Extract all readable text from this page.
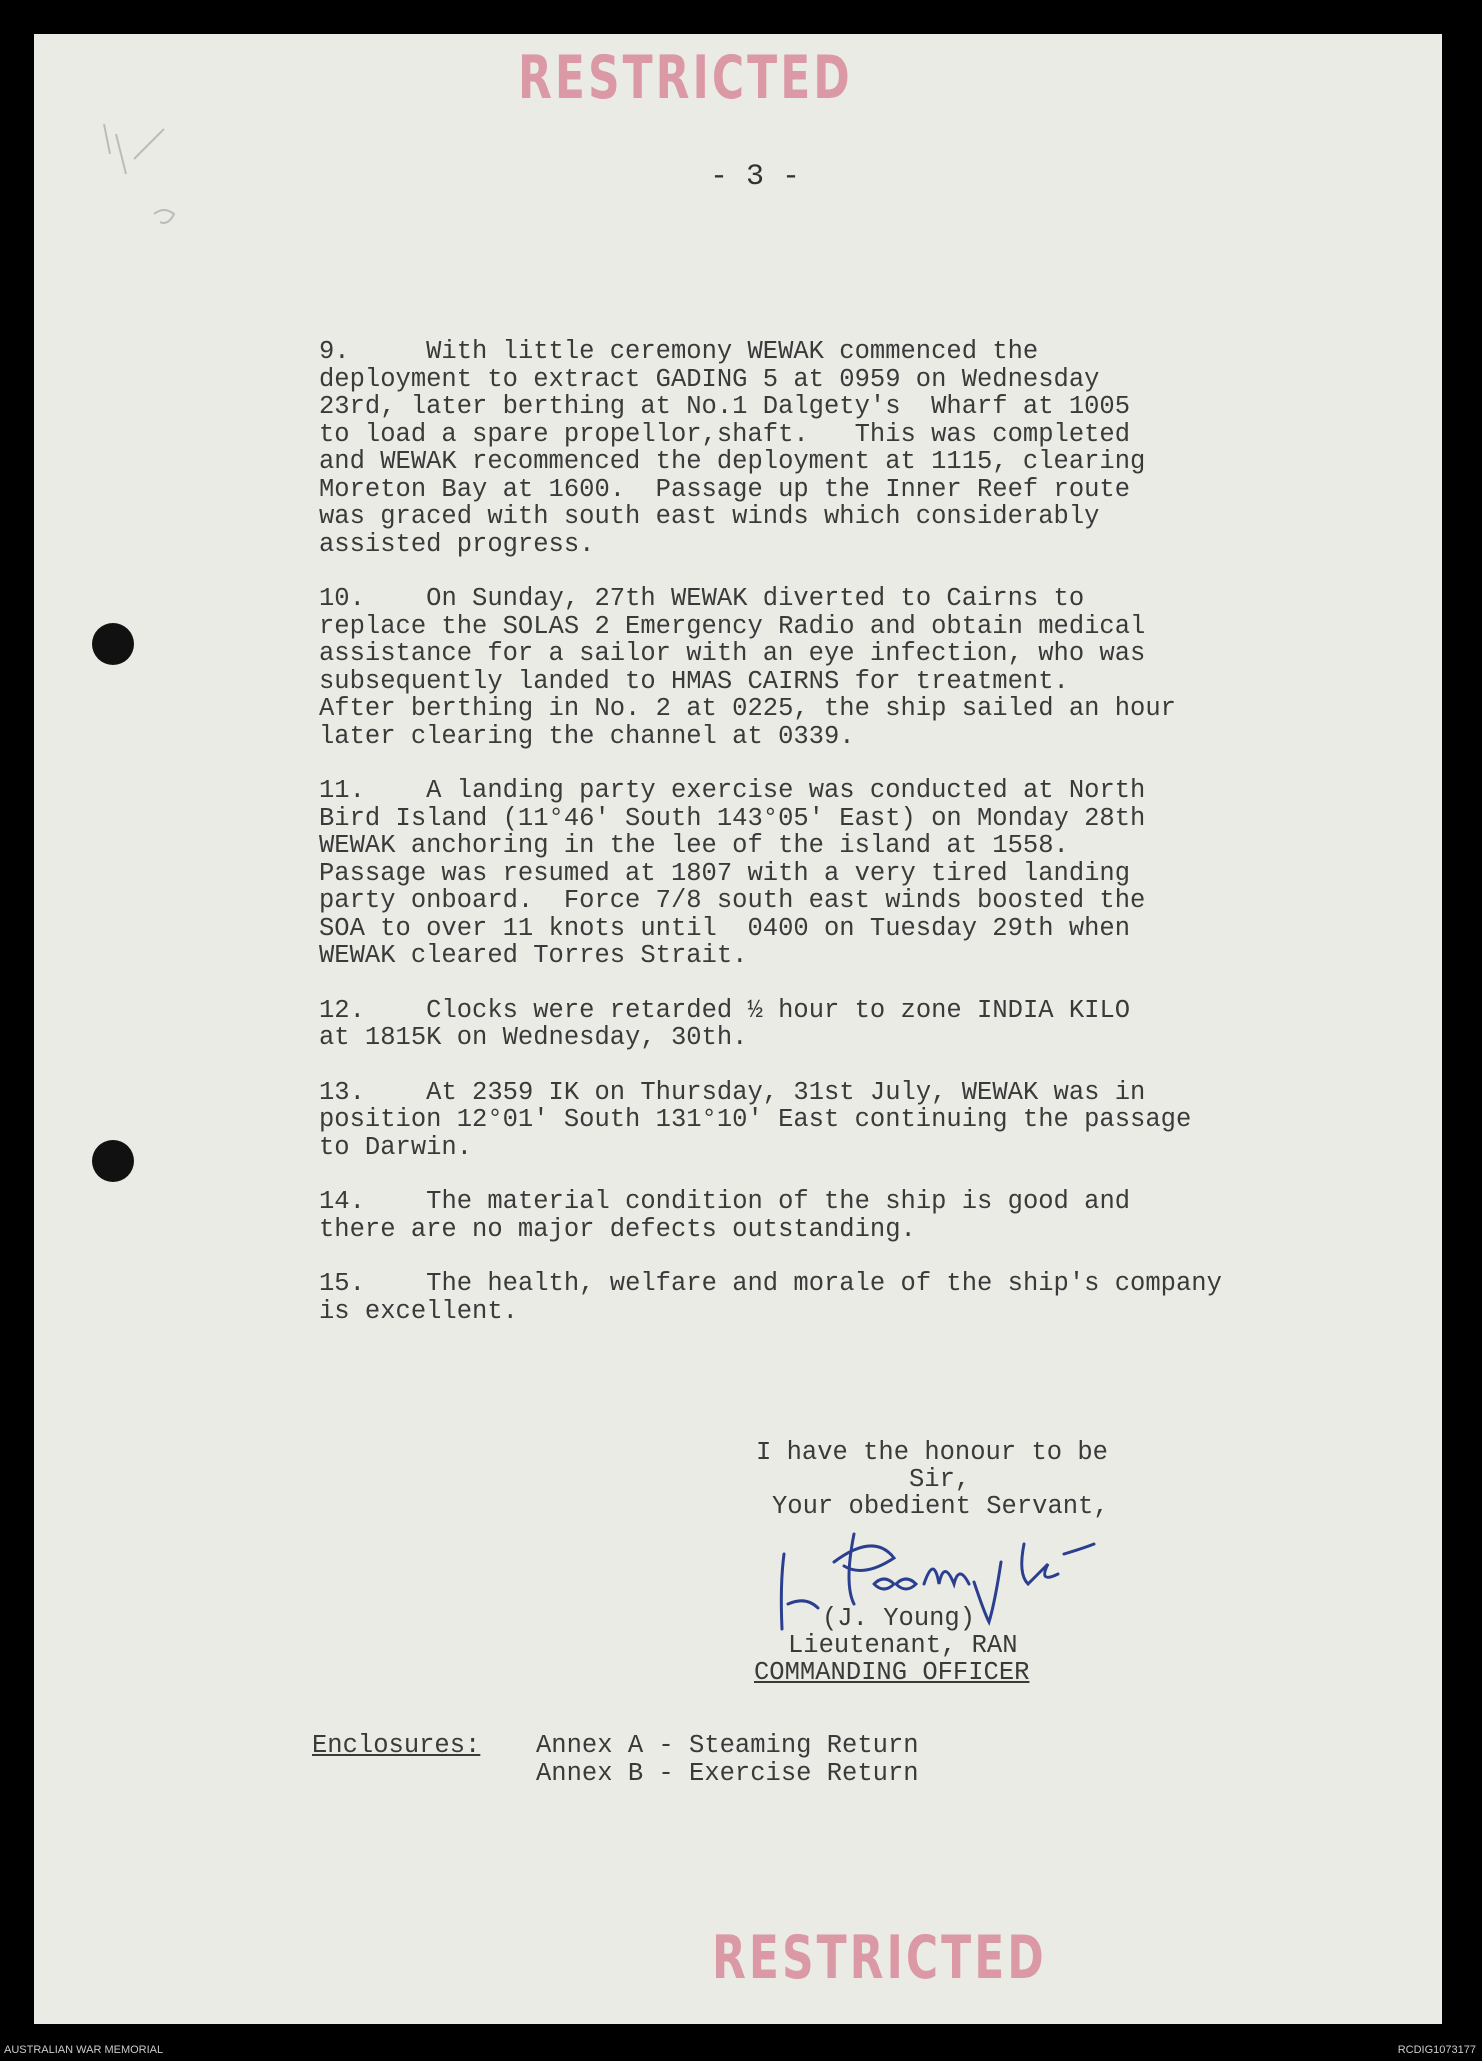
RESTRICTED
- 3 -
9.	With little ceremony WEWAK commenced the
deployment to extract GADING 5 at 0959 on Wednesday
23rd, later berthing at No.1 Dalgety's  Wharf at 1005
to load a spare propellor,shaft.   This was completed
and WEWAK recommenced the deployment at 1115, clearing
Moreton Bay at 1600.  Passage up the Inner Reef route
was graced with south east winds which considerably
assisted progress.
10. On Sunday, 27th WEWAK diverted to Cairns to
replace the SOLAS 2 Emergency Radio and obtain medical
assistance for a sailor with an eye infection, who was
subsequently landed to HMAS CAIRNS for treatment.
After berthing in No. 2 at 0225, the ship sailed an hour
later clearing the channel at 0339.
11. A landing party exercise was conducted at North
Bird Island (11°46' South 143°05' East) on Monday 28th
WEWAK anchoring in the lee of the island at 1558.
Passage was resumed at 1807 with a very tired landing
party onboard.  Force 7/8 south east winds boosted the
SOA to over 11 knots until  0400 on Tuesday 29th when
WEWAK cleared Torres Strait.
12. Clocks were retarded ½ hour to zone INDIA KILO
at 1815K on Wednesday, 30th.
13. At 2359 IK on Thursday, 31st July, WEWAK was in
position 12°01' South 131°10' East continuing the passage
to Darwin.
14. The material condition of the ship is good and
there are no major defects outstanding.
15. The health, welfare and morale of the ship's company
is excellent.
I have the honour to be
Sir,
Your obedient Servant,
(J. Young)
Lieutenant, RAN
COMMANDING OFFICER
Enclosures: Annex A - Steaming Return
Annex B - Exercise Return
RESTRICTED
AUSTRALIAN WAR MEMORIAL	RCDIG1073177
